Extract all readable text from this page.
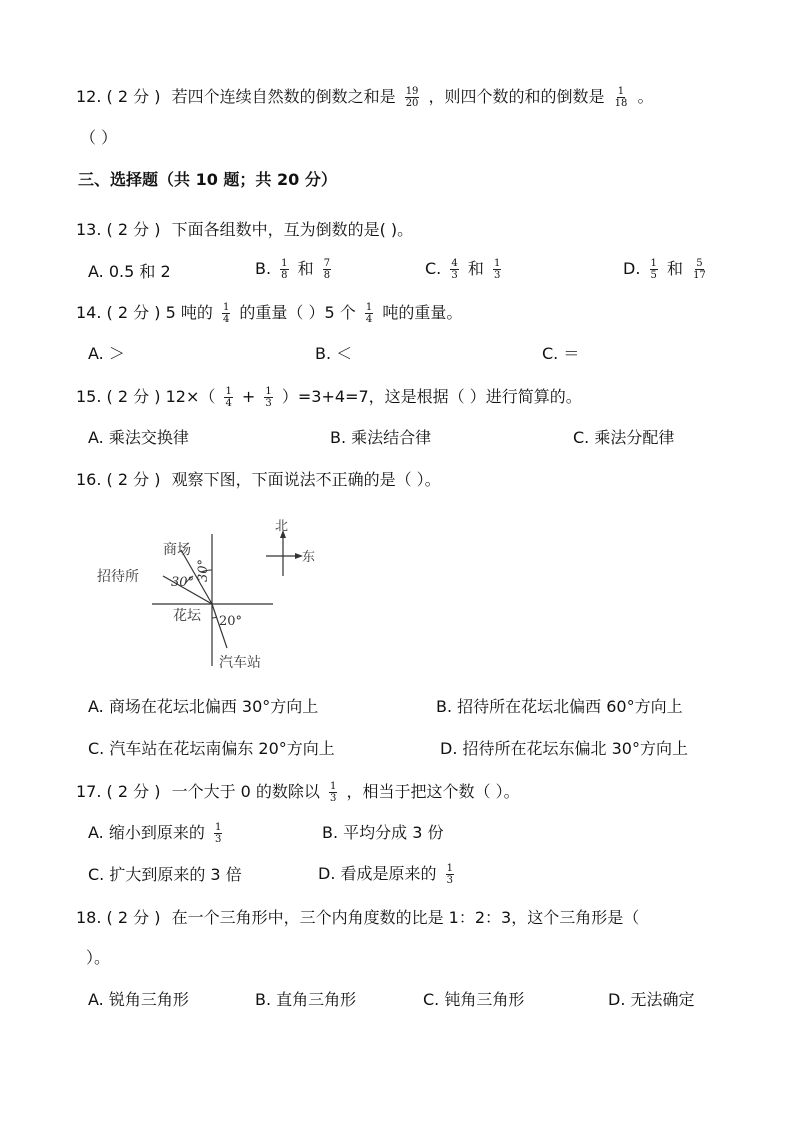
12. ( 2 分 ) 若四个连续自然数的倒数之和是 $\frac{19}{20}$ ，则四个数的和的倒数是 $\frac{1}{18}$ 。
（ ）
三、选择题（共 10 题；共 20 分）
13. ( 2 分 ) 下面各组数中，互为倒数的是( )。
A. 0.5 和 2	B. $\frac{1}{8}$ 和 $\frac{7}{8}$	C. $\frac{4}{3}$ 和 $\frac{1}{3}$	D. $\frac{1}{5}$ 和 $\frac{5}{17}$
14. ( 2 分 ) 5 吨的 $\frac{1}{4}$ 的重量（ ）5 个 $\frac{1}{4}$ 吨的重量。
A. ＞	B. ＜	C. ＝
15. ( 2 分 ) $12\times( \frac{1}{4} + \frac{1}{3} )=3+4=7$，这是根据（ ）进行简算的。
A. 乘法交换律	B. 乘法结合律	C. 乘法分配律
16. ( 2 分 ) 观察下图，下面说法不正确的是（ ）。
北
东
商场
招待所 30°
30°
花坛 20°
汽车站
A. 商场在花坛北偏西 30°方向上	B. 招待所在花坛北偏西 60°方向上
C. 汽车站在花坛南偏东 20°方向上	D. 招待所在花坛东偏北 30°方向上
17. ( 2 分 ) 一个大于 0 的数除以 $\frac{1}{3}$ ，相当于把这个数（ ）。
A. 缩小到原来的 $\frac{1}{3}$	B. 平均分成 3 份
C. 扩大到原来的 3 倍	D. 看成是原来的 $\frac{1}{3}$
18. ( 2 分 ) 在一个三角形中，三个内角度数的比是 1：2：3，这个三角形是（
）。
A. 锐角三角形	B. 直角三角形	C. 钝角三角形	D. 无法确定
